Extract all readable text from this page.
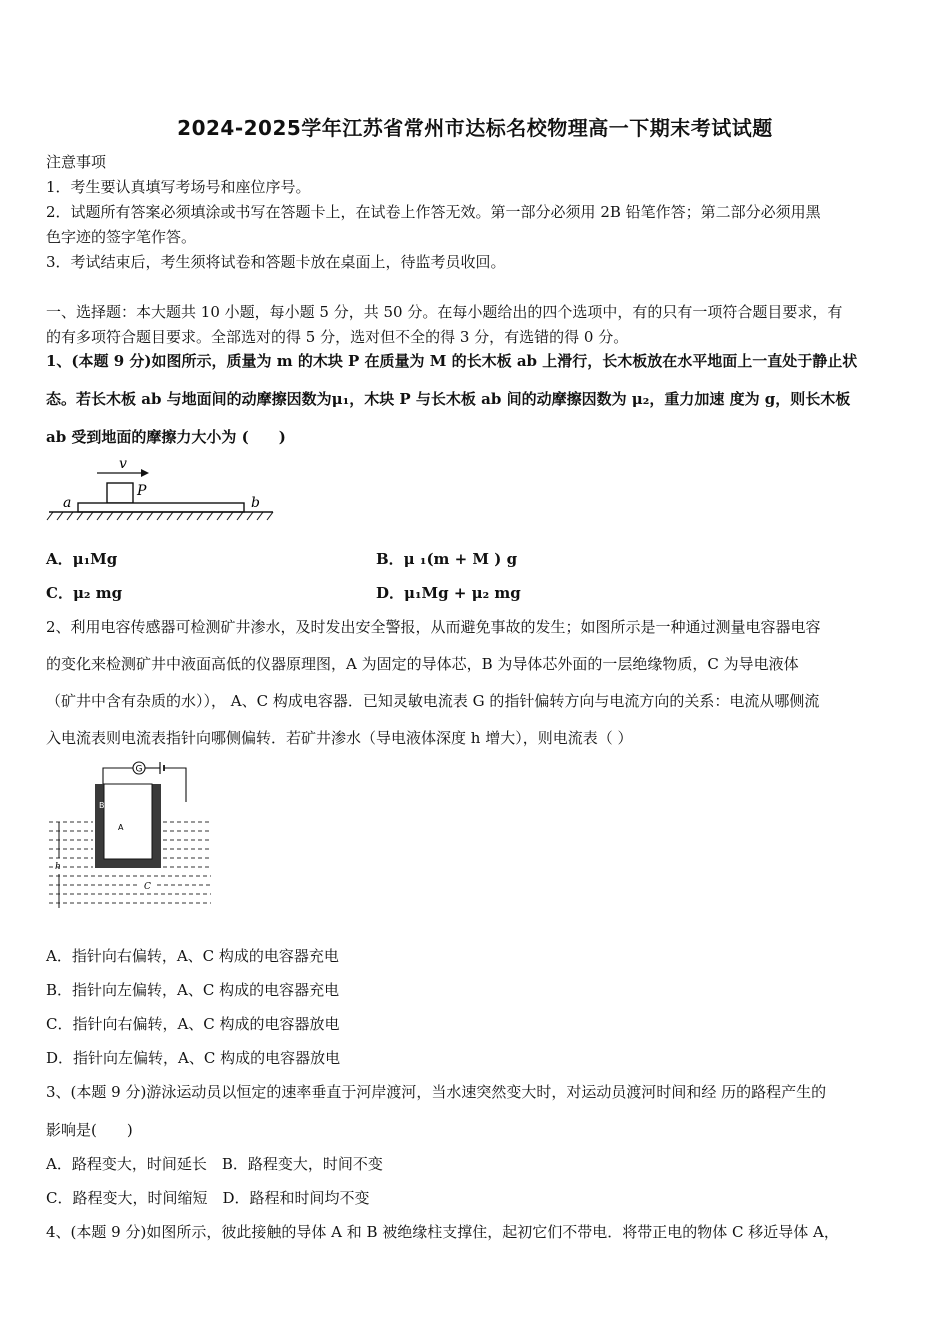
2024-2025学年江苏省常州市达标名校物理高一下期末考试试题
注意事项
1．考生要认真填写考场号和座位序号。
2．试题所有答案必须填涂或书写在答题卡上，在试卷上作答无效。第一部分必须用 2B 铅笔作答；第二部分必须用黑
色字迹的签字笔作答。
3．考试结束后，考生须将试卷和答题卡放在桌面上，待监考员收回。
一、选择题：本大题共 10 小题，每小题 5 分，共 50 分。在每小题给出的四个选项中，有的只有一项符合题目要求，有
的有多项符合题目要求。全部选对的得 5 分，选对但不全的得 3 分，有选错的得 0 分。
1、(本题 9 分)如图所示，质量为 m 的木块 P 在质量为 M 的长木板 ab 上滑行，长木板放在水平地面上一直处于静止状
态。若长木板 ab 与地面间的动摩擦因数为μ₁，木块 P 与长木板 ab 间的动摩擦因数为 μ₂，重力加速 度为 g，则长木板
ab 受到地面的摩擦力大小为 (　　)
v
P
a	b
A．μ₁Mg	B．μ ₁(m + M ) g
C．μ₂ mg	D．μ₁Mg + μ₂ mg
2、利用电容传感器可检测矿井渗水，及时发出安全警报，从而避免事故的发生；如图所示是一种通过测量电容器电容
的变化来检测矿井中液面高低的仪器原理图，A 为固定的导体芯，B 为导体芯外面的一层绝缘物质，C 为导电液体
（矿井中含有杂质的水））， A、C 构成电容器．已知灵敏电流表 G 的指针偏转方向与电流方向的关系：电流从哪侧流
入电流表则电流表指针向哪侧偏转．若矿井渗水（导电液体深度 h 增大），则电流表（ ）
G
B
A
C
h
A．指针向右偏转，A、C 构成的电容器充电
B．指针向左偏转，A、C 构成的电容器充电
C．指针向右偏转，A、C 构成的电容器放电
D．指针向左偏转，A、C 构成的电容器放电
3、(本题 9 分)游泳运动员以恒定的速率垂直于河岸渡河，当水速突然变大时，对运动员渡河时间和经 历的路程产生的
影响是(　　)
A．路程变大，时间延长　B．路程变大，时间不变
C．路程变大，时间缩短　D．路程和时间均不变
4、(本题 9 分)如图所示，彼此接触的导体 A 和 B 被绝缘柱支撑住，起初它们不带电．将带正电的物体 C 移近导体 A，
